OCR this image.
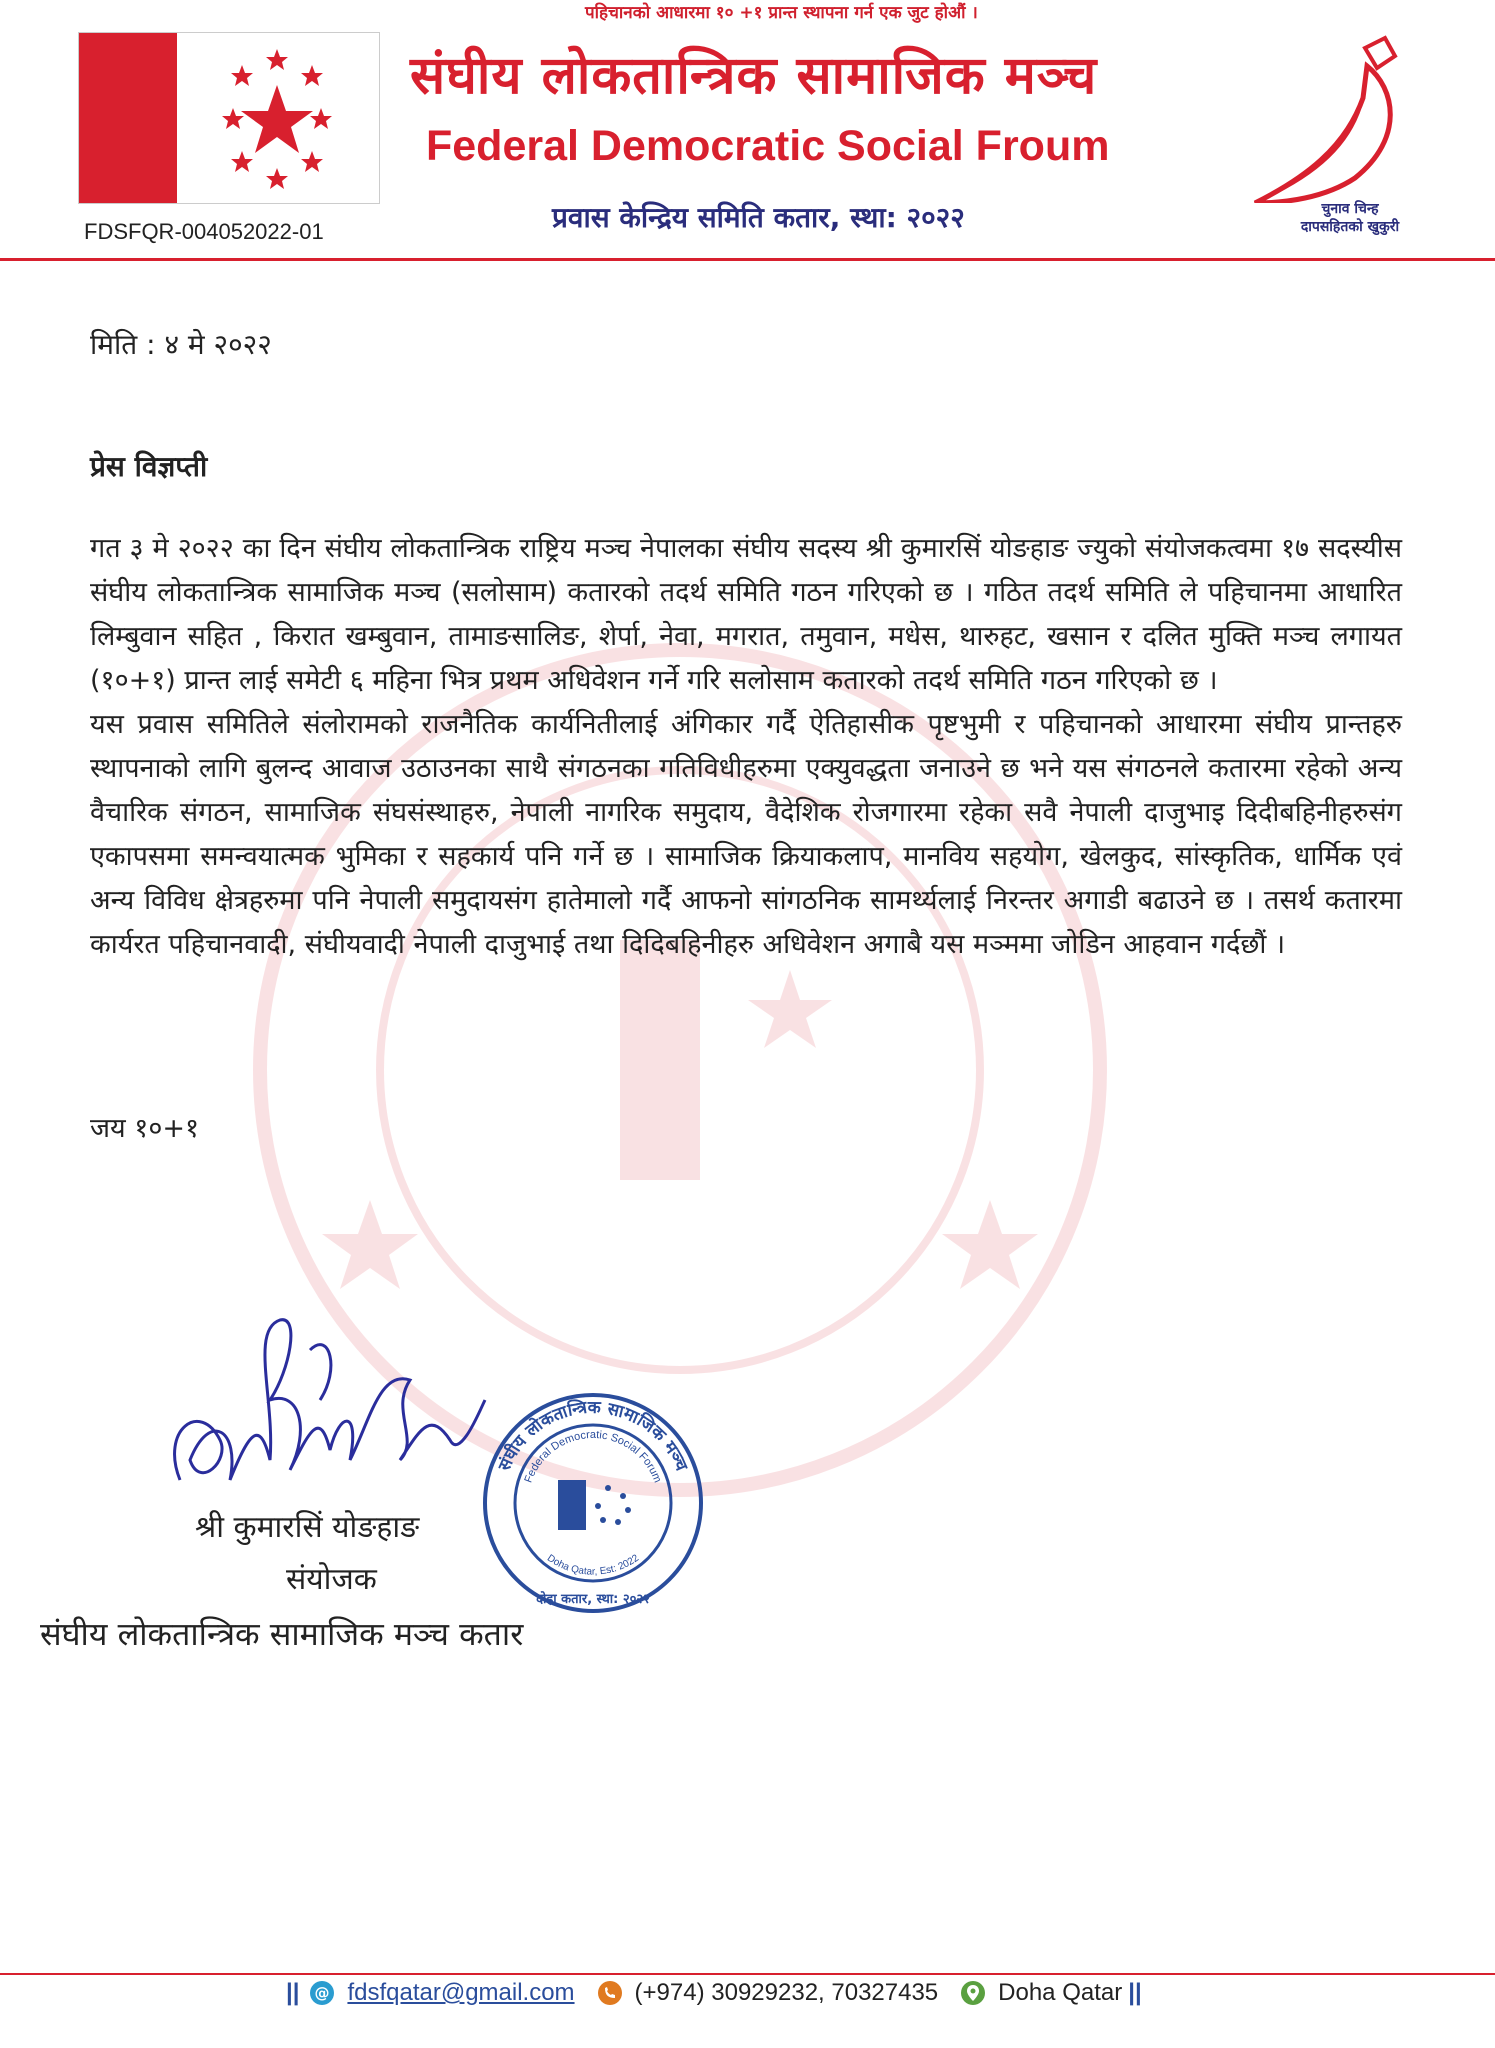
पहिचानको आधारमा १० +१ प्रान्त स्थापना गर्न एक जुट होऔं ।
संघीय लोकतान्त्रिक सामाजिक मञ्च
Federal Democratic Social Froum
प्रवास केन्द्रिय समिति कतार, स्था: २०२२
FDSFQR-004052022-01
चुनाव चिन्ह
दापसहितको खुकुरी
मिति : ४ मे २०२२
प्रेस विज्ञप्ती

गत ३ मे २०२२ का दिन संघीय लोकतान्त्रिक राष्ट्रिय मञ्च नेपालका संघीय सदस्य श्री कुमारसिं योङहाङ ज्युको संयोजकत्वमा १७ सदस्यीस संघीय लोकतान्त्रिक सामाजिक मञ्च (सलोसाम) कतारको तदर्थ समिति गठन गरिएको छ । गठित तदर्थ समिति ले पहिचानमा आधारित लिम्बुवान सहित , किरात खम्बुवान, तामाङसालिङ, शेर्पा, नेवा, मगरात, तमुवान, मधेस, थारुहट, खसान र दलित मुक्ति मञ्च लगायत (१०+१) प्रान्त लाई समेटी ६ महिना भित्र प्रथम अधिवेशन गर्ने गरि सलोसाम कतारको तदर्थ समिति गठन गरिएको छ ।

यस प्रवास समितिले संलोरामको राजनैतिक कार्यनितीलाई अंगिकार गर्दै ऐतिहासीक पृष्टभुमी र पहिचानको आधारमा संघीय प्रान्तहरु स्थापनाको लागि बुलन्द आवाज उठाउनका साथै संगठनका गतिविधीहरुमा एक्युवद्धता जनाउने छ भने यस संगठनले कतारमा रहेको अन्य वैचारिक संगठन, सामाजिक संघसंस्थाहरु, नेपाली नागरिक समुदाय, वैदेशिक रोजगारमा रहेका सवै नेपाली दाजुभाइ दिदीबहिनीहरुसंग एकापसमा समन्वयात्मक भुमिका र सहकार्य पनि गर्ने छ । सामाजिक क्रियाकलाप, मानविय सहयोग, खेलकुद, सांस्कृतिक, धार्मिक एवं अन्य विविध क्षेत्रहरुमा पनि नेपाली समुदायसंग हातेमालो गर्दै आफनो सांगठनिक सामर्थ्यलाई निरन्तर अगाडी बढाउने छ । तसर्थ कतारमा कार्यरत पहिचानवादी, संघीयवादी नेपाली दाजुभाई तथा दिदिबहिनीहरु अधिवेशन अगाबै यस मञ्ममा जोडिन आहवान गर्दछौं ।

जय १०+१
श्री कुमारसिं योङहाङ
संयोजक
संघीय लोकतान्त्रिक सामाजिक मञ्च कतार
संघीय लोकतान्त्रिक सामाजिक मञ्च
Federal Democratic Social Forum
Doha Qatar, Est: 2022
दोहा कतार, स्था: २०२२
|| @ fdsfqatar@gmail.com	(+974) 30929232, 70327435	Doha Qatar ||
